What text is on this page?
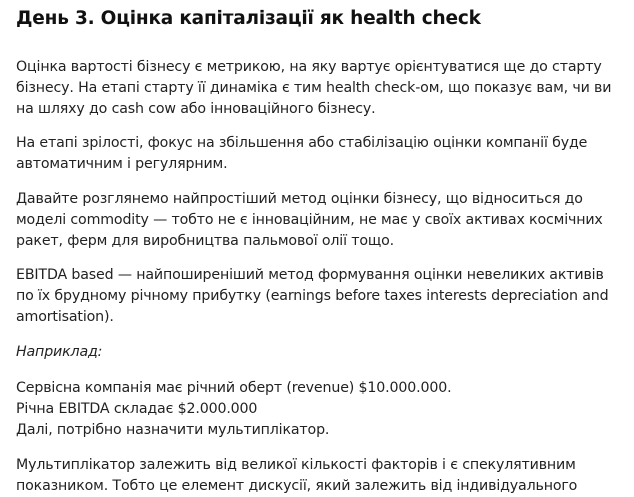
День 3. Оцінка капіталізації як health check
Оцінка вартості бізнесу є метрикою, на яку вартує орієнтуватися ще до старту
бізнесу. На етапі старту її динаміка є тим health check-ом, що показує вам, чи ви
на шляху до cash cow або інноваційного бізнесу.
На етапі зрілості, фокус на збільшення або стабілізацію оцінки компанії буде
автоматичним і регулярним.
Давайте розглянемо найпростіший метод оцінки бізнесу, що відноситься до
моделі commodity — тобто не є інноваційним, не має у своїх активах космічних
ракет, ферм для виробництва пальмової олії тощо.
EBITDA based — найпоширеніший метод формування оцінки невеликих активів
по їх брудному річному прибутку (earnings before taxes interests depreciation and
amortisation).
Наприклад:
Сервісна компанія має річний оберт (revenue) $10.000.000.
Річна EBITDA складає $2.000.000
Далі, потрібно назначити мультиплікатор.
Мультиплікатор залежить від великої кількості факторів і є спекулятивним
показником. Тобто це елемент дискусії, який залежить від індивідуального
